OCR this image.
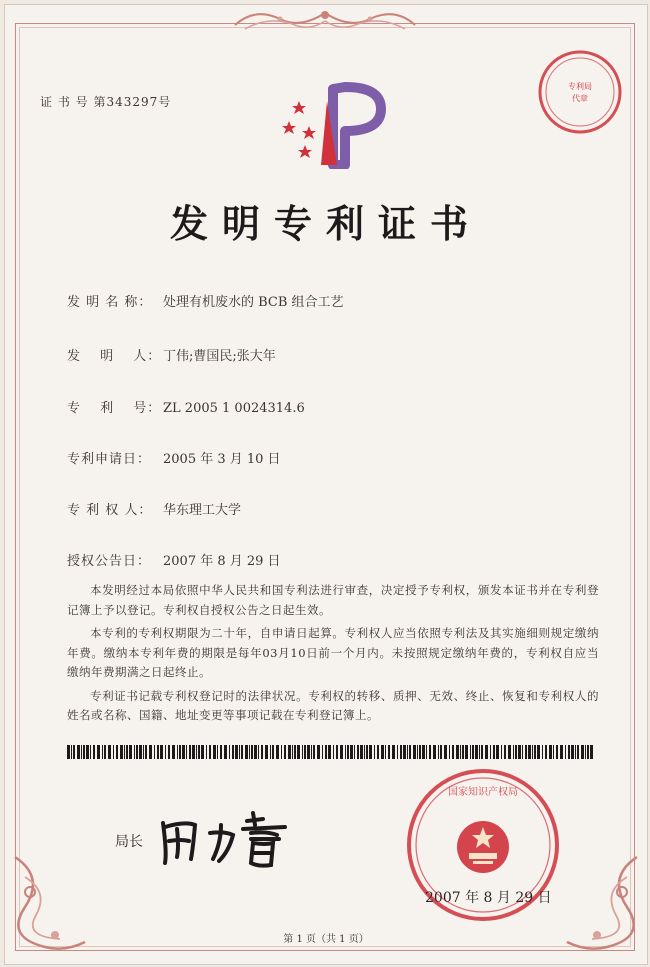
证 书 号 第343297号
专利局
代章
发明专利证书
发 明 名 称： 处理有机废水的 BCB 组合工艺
发　 明　 人： 丁伟;曹国民;张大年
专　 利　 号： ZL 2005 1 0024314.6
专利申请日： 2005 年 3 月 10 日
专 利 权 人： 华东理工大学
授权公告日： 2007 年 8 月 29 日

本发明经过本局依照中华人民共和国专利法进行审查，决定授予专利权，颁发本证书并在专利登记簿上予以登记。专利权自授权公告之日起生效。

本专利的专利权期限为二十年，自申请日起算。专利权人应当依照专利法及其实施细则规定缴纳年费。缴纳本专利年费的期限是每年03月10日前一个月内。未按照规定缴纳年费的，专利权自应当缴纳年费期满之日起终止。

专利证书记载专利权登记时的法律状况。专利权的转移、质押、无效、终止、恢复和专利权人的姓名或名称、国籍、地址变更等事项记载在专利登记簿上。

国家知识产权局
局长
2007 年 8 月 29 日
第 1 页（共 1 页）
